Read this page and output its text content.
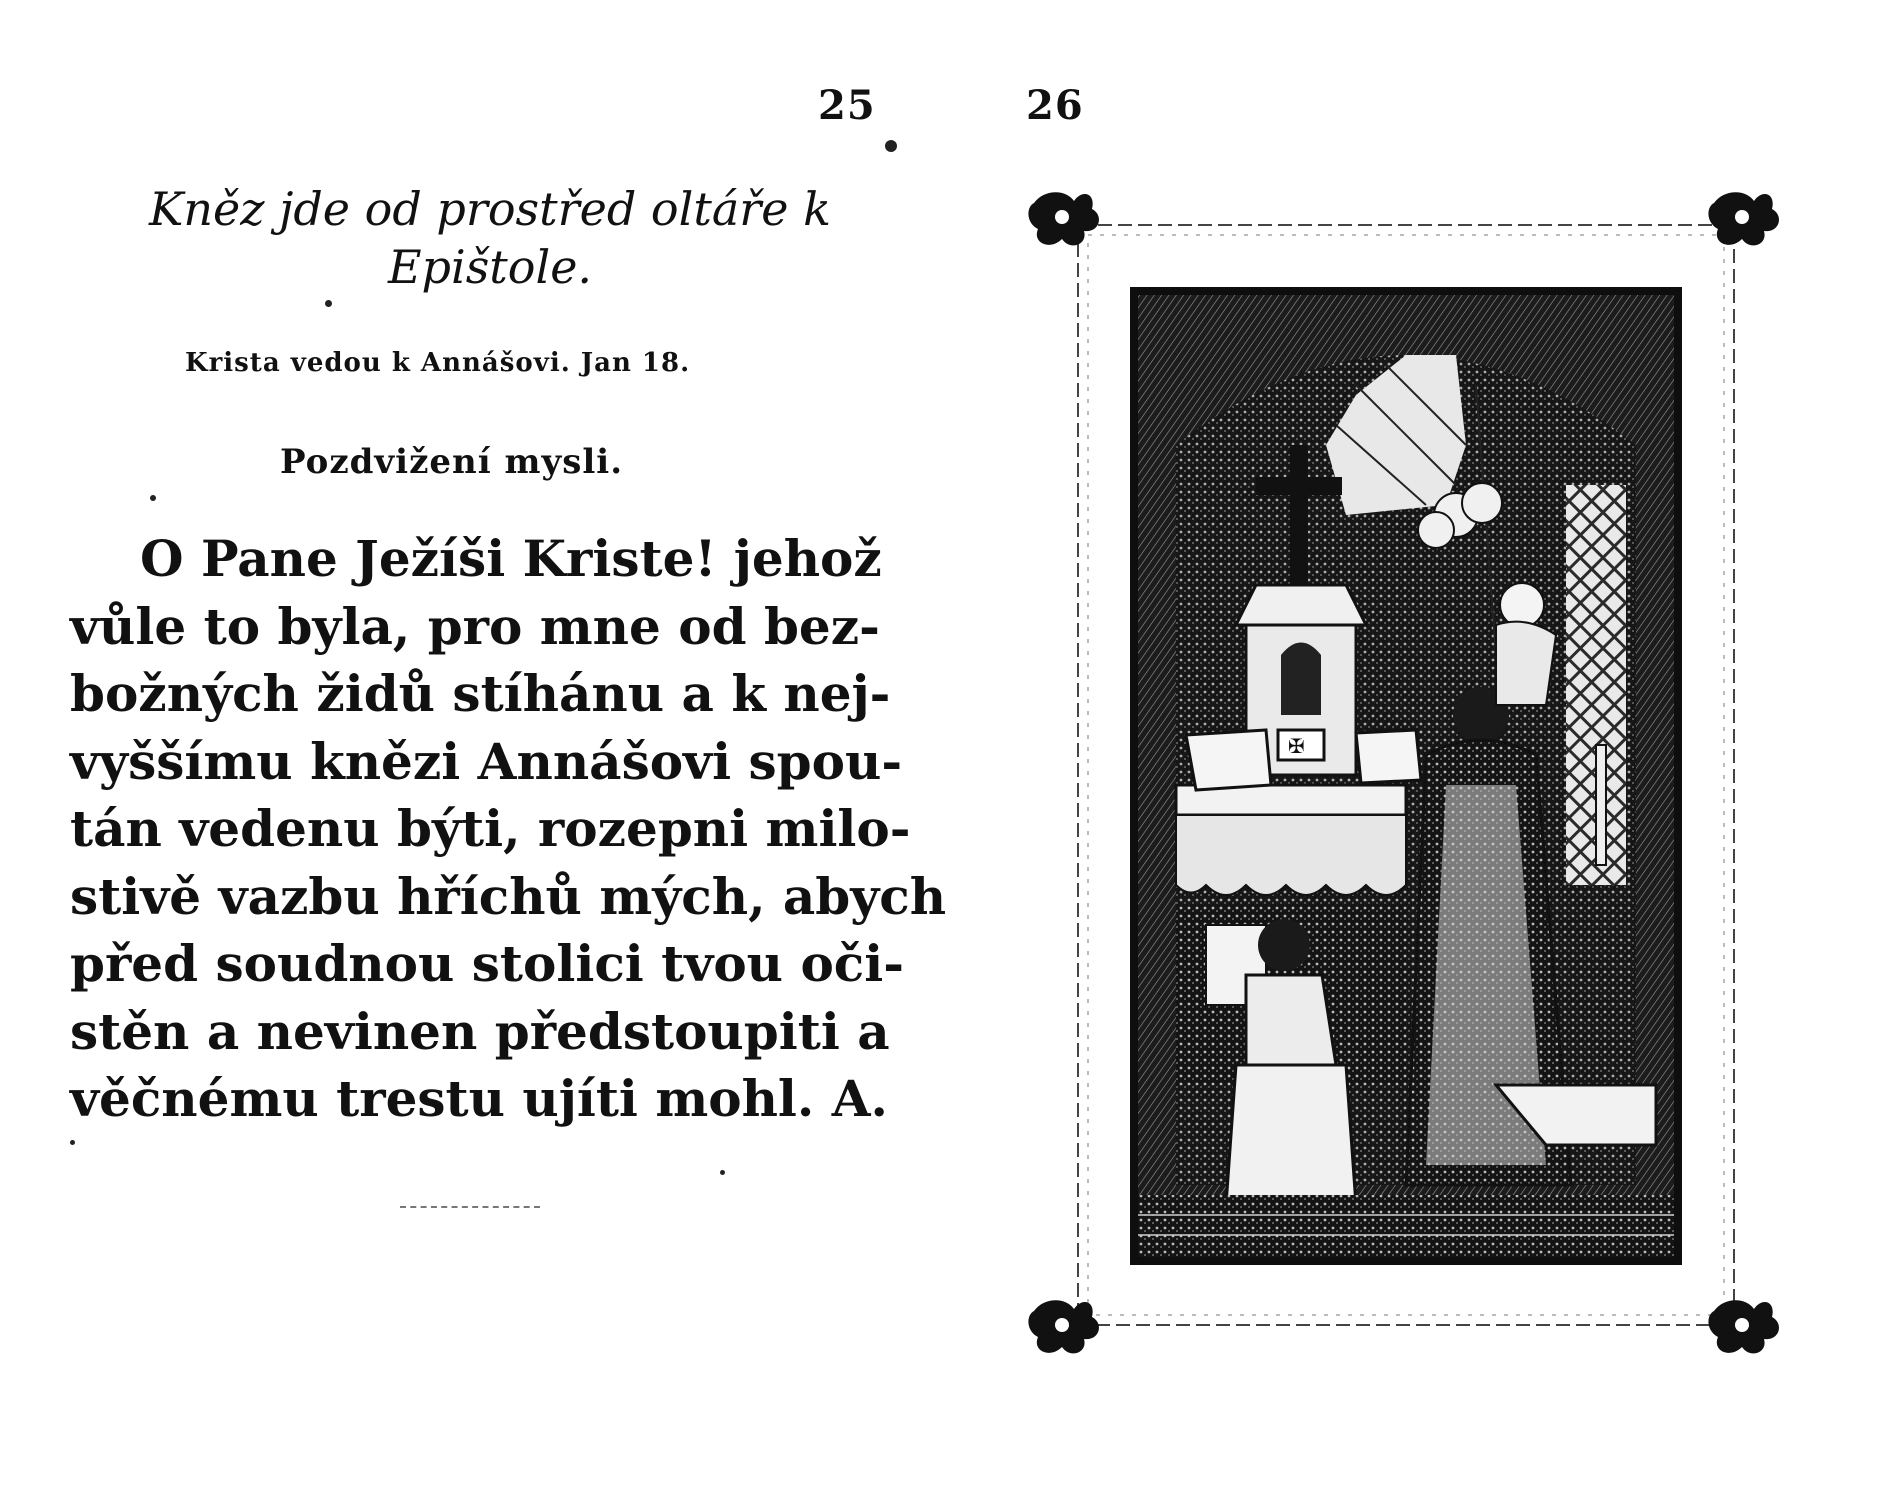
25
Kněz jde od prostřed oltáře k Epištole.
Krista vedou k Annášovi. Jan 18.
Pozdvižení mysli.
O Pane Ježíši Kriste! jehož
vůle to byla, pro mne od bez-
božných židů stíhánu a k nej-
vyššímu knězi Annášovi spou-
tán vedenu býti, rozepni milo-
stivě vazbu hříchů mých, abych
před soudnou stolici tvou oči-
stěn a nevinen předstoupiti a
věčnému trestu ujíti mohl. A.
26
✠
